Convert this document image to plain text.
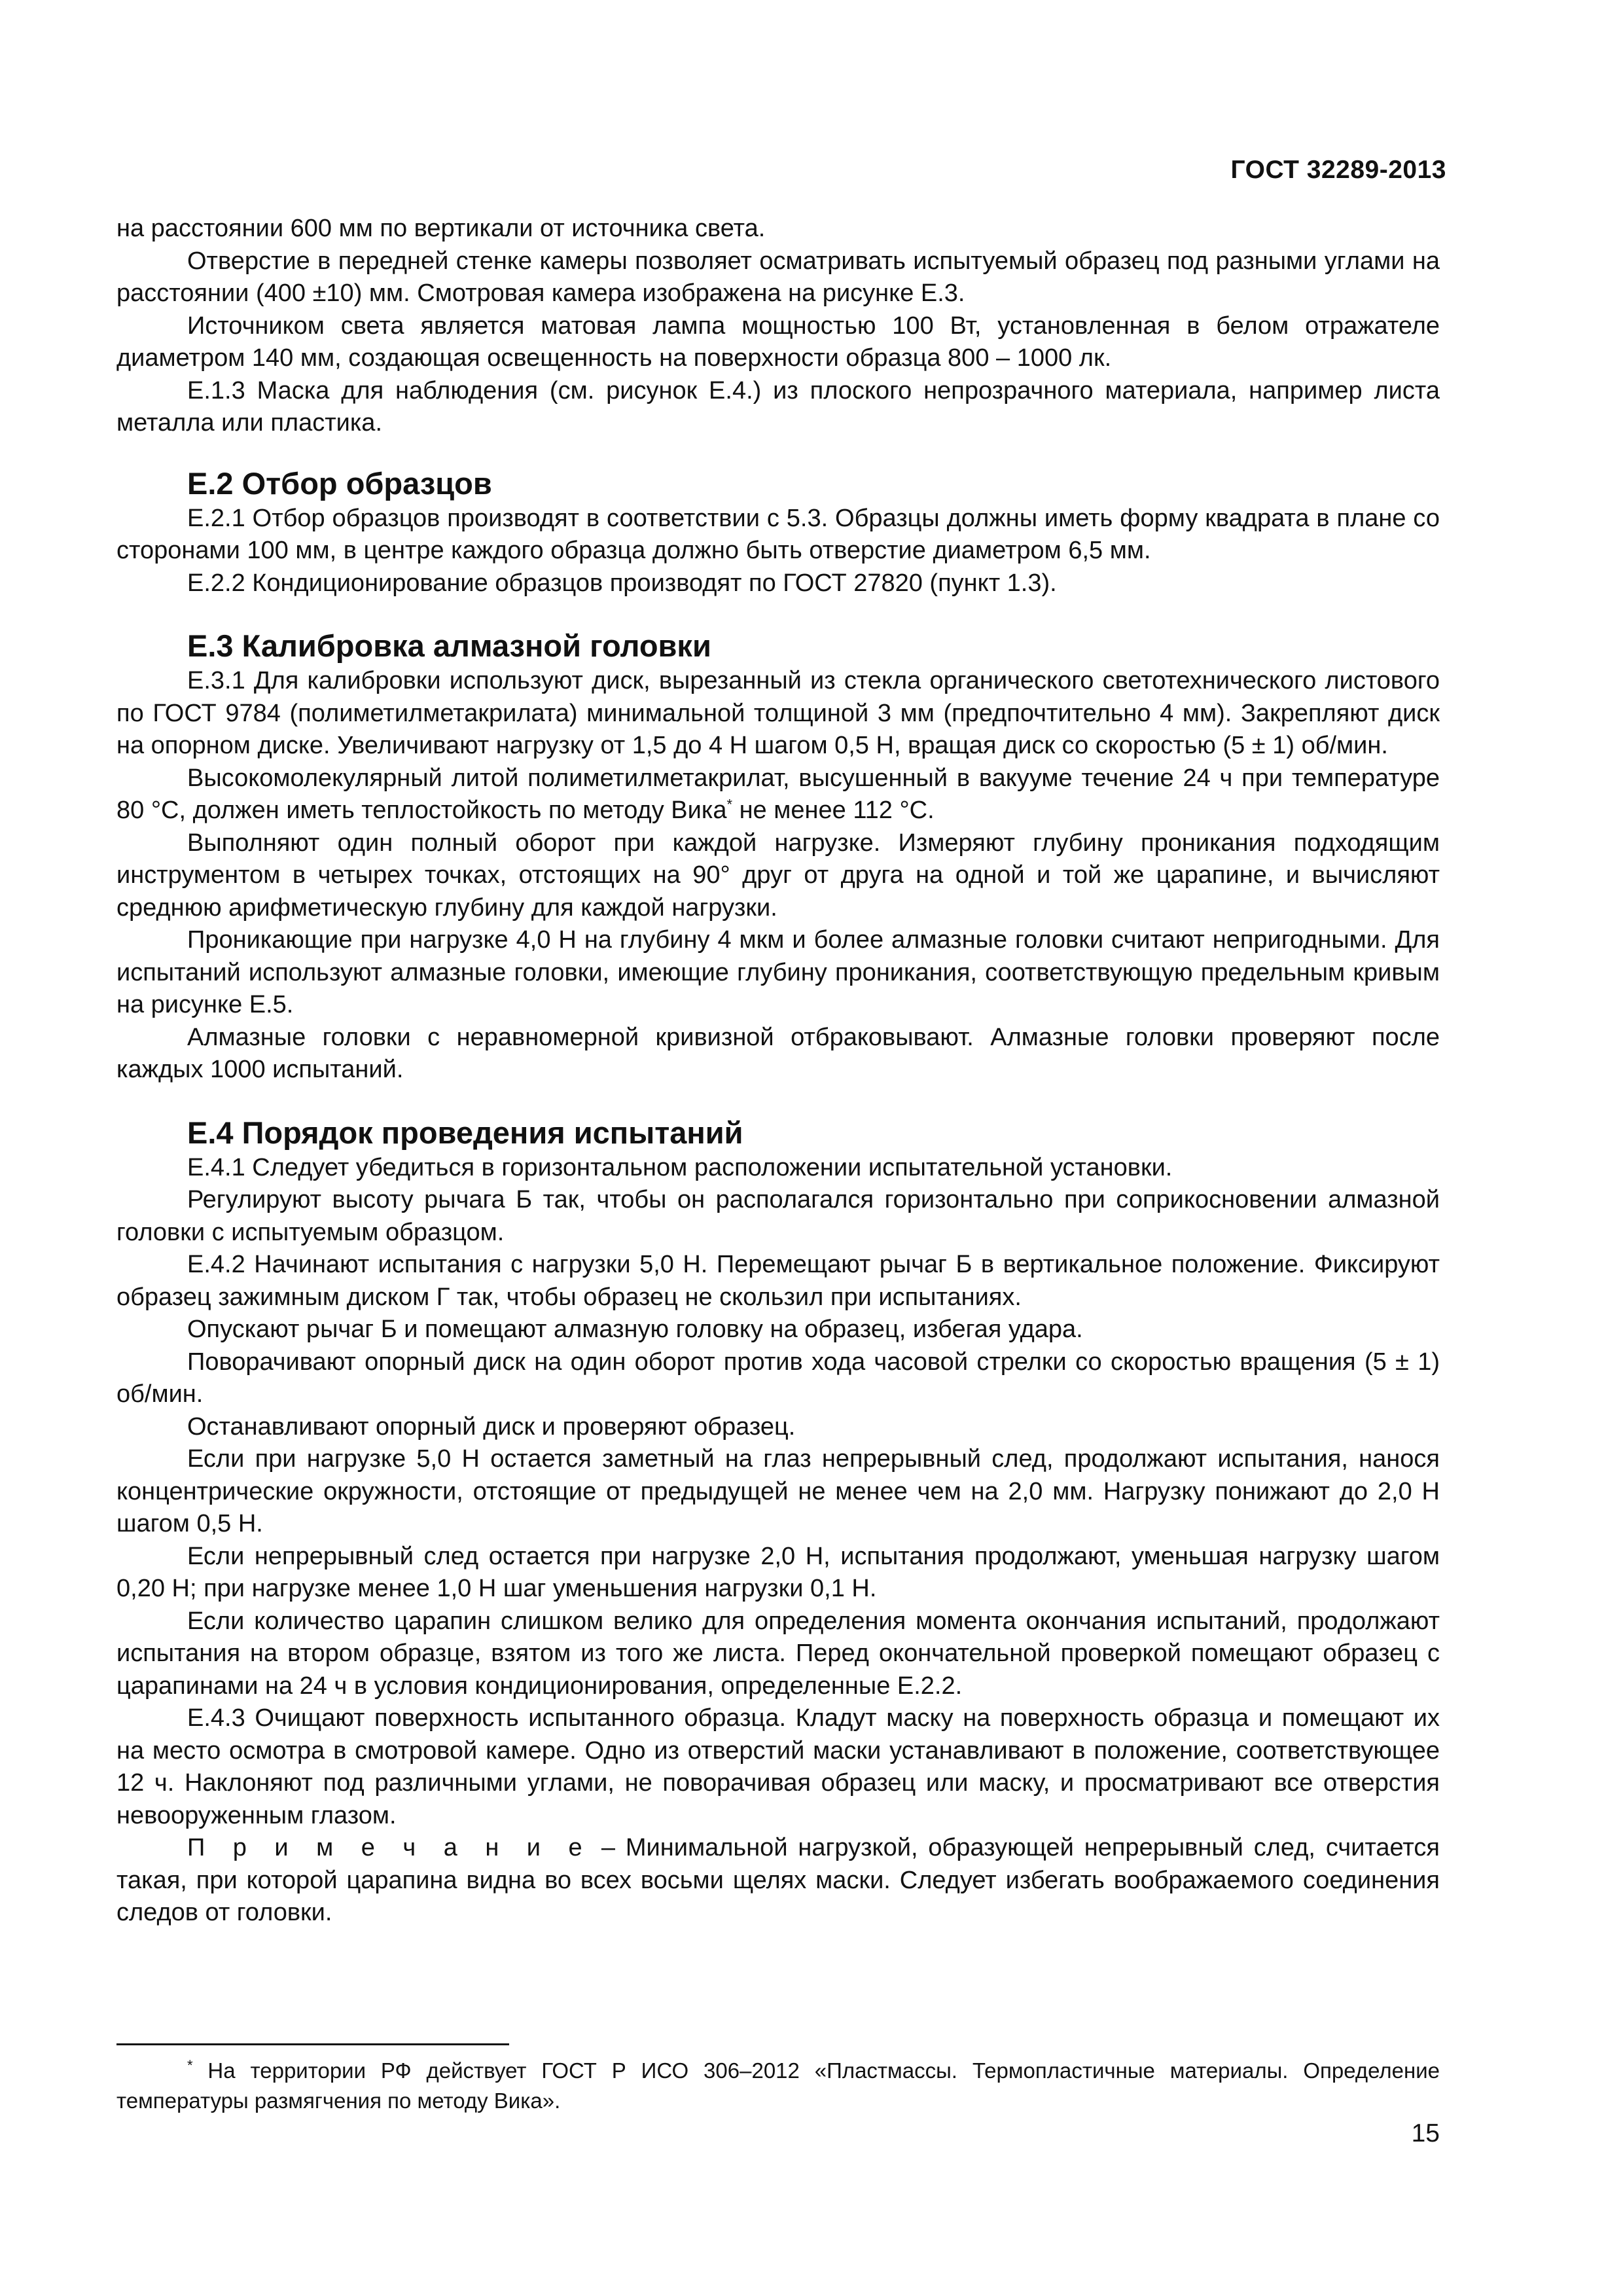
ГОСТ 32289-2013

на расстоянии 600 мм по вертикали от источника света.

Отверстие в передней стенке камеры позволяет осматривать испытуемый образец под разными углами на расстоянии (400 ±10) мм. Смотровая камера изображена на рисунке Е.3.

Источником света является матовая лампа мощностью 100 Вт, установленная в белом отражателе диаметром 140 мм, создающая освещенность на поверхности образца 800 – 1000 лк.

Е.1.3 Маска для наблюдения (см. рисунок Е.4.) из плоского непрозрачного материала, например листа металла или пластика.

Е.2 Отбор образцов

Е.2.1 Отбор образцов производят в соответствии с 5.3. Образцы должны иметь форму квадрата в плане со сторонами 100 мм, в центре каждого образца должно быть отверстие диаметром 6,5 мм.

Е.2.2 Кондиционирование образцов производят по ГОСТ 27820 (пункт 1.3).

Е.3 Калибровка алмазной головки

Е.3.1 Для калибровки используют диск, вырезанный из стекла органического светотехнического листового по ГОСТ 9784 (полиметилметакрилата) минимальной толщиной 3 мм (предпочтительно 4 мм). Закрепляют диск на опорном диске. Увеличивают нагрузку от 1,5 до 4 Н шагом 0,5 Н, вращая диск со скоростью (5 ± 1) об/мин.

Высокомолекулярный литой полиметилметакрилат, высушенный в вакууме течение 24 ч при температуре 80 °С, должен иметь теплостойкость по методу Вика* не менее 112 °С.

Выполняют один полный оборот при каждой нагрузке. Измеряют глубину проникания подходящим инструментом в четырех точках, отстоящих на 90° друг от друга на одной и той же царапине, и вычисляют среднюю арифметическую глубину для каждой нагрузки.

Проникающие при нагрузке 4,0 Н на глубину 4 мкм и более алмазные головки считают непригодными. Для испытаний используют алмазные головки, имеющие глубину проникания, соответствующую предельным кривым на рисунке Е.5.

Алмазные головки с неравномерной кривизной отбраковывают. Алмазные головки проверяют после каждых 1000 испытаний.

Е.4 Порядок проведения испытаний

Е.4.1 Следует убедиться в горизонтальном расположении испытательной установки.

Регулируют высоту рычага Б так, чтобы он располагался горизонтально при соприкосновении алмазной головки с испытуемым образцом.

Е.4.2 Начинают испытания с нагрузки 5,0 Н. Перемещают рычаг Б в вертикальное положение. Фиксируют образец зажимным диском Г так, чтобы образец не скользил при испытаниях.

Опускают рычаг Б и помещают алмазную головку на образец, избегая удара.

Поворачивают опорный диск на один оборот против хода часовой стрелки со скоростью вращения (5 ± 1) об/мин.

Останавливают опорный диск и проверяют образец.

Если при нагрузке 5,0 Н остается заметный на глаз непрерывный след, продолжают испытания, нанося концентрические окружности, отстоящие от предыдущей не менее чем на 2,0 мм. Нагрузку понижают до 2,0 Н шагом 0,5 Н.

Если непрерывный след остается при нагрузке 2,0 Н, испытания продолжают, уменьшая нагрузку шагом 0,20 Н; при нагрузке менее 1,0 Н шаг уменьшения нагрузки 0,1 Н.

Если количество царапин слишком велико для определения момента окончания испытаний, продолжают испытания на втором образце, взятом из того же листа. Перед окончательной проверкой помещают образец с царапинами на 24 ч в условия кондиционирования, определенные Е.2.2.

Е.4.3 Очищают поверхность испытанного образца. Кладут маску на поверхность образца и помещают их на место осмотра в смотровой камере. Одно из отверстий маски устанавливают в положение, соответствующее 12 ч. Наклоняют под различными углами, не поворачивая образец или маску, и просматривают все отверстия невооруженным глазом.

П р и м е ч а н и е – Минимальной нагрузкой, образующей непрерывный след, считается такая, при которой царапина видна во всех восьми щелях маски. Следует избегать воображаемого соединения следов от головки.

* На территории РФ действует ГОСТ Р ИСО 306–2012 «Пластмассы. Термопластичные материалы. Определение температуры размягчения по методу Вика».

15
